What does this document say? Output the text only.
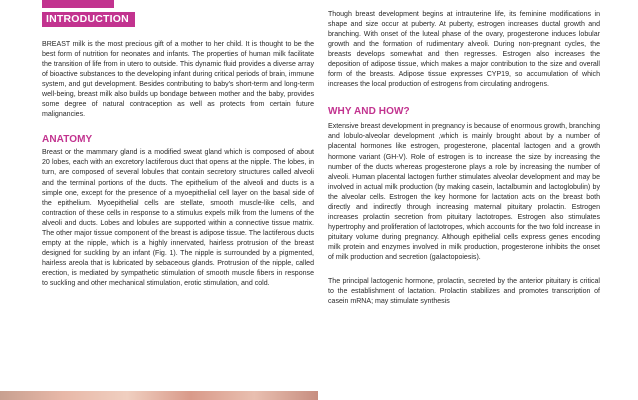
INTRODUCTION

BREAST milk is the most precious gift of a mother to her child. It is thought to be the best form of nutrition for neonates and infants. The properties of human milk facilitate the transition of life from in utero to outside. This dynamic fluid provides a diverse array of bioactive substances to the developing infant during critical periods of brain, immune system, and gut development. Besides contributing to baby's short-term and long-term well-being, breast milk also builds up bondage between mother and the baby, provides some degree of natural contraception as well as protects from certain future malignancies.

ANATOMY

Breast or the mammary gland is a modified sweat gland which is composed of about 20 lobes, each with an excretory lactiferous duct that opens at the nipple. The lobes, in turn, are composed of several lobules that contain secretory structures called alveoli and the terminal portions of the ducts. The epithelium of the alveoli and ducts is a simple one, except for the presence of a myoepithelial cell layer on the basal side of the epithelium. Myoepithelial cells are stellate, smooth muscle-like cells, and contraction of these cells in response to a stimulus expels milk from the lumens of the alveoli and ducts. Lobes and lobules are supported within a connective tissue matrix. The other major tissue component of the breast is adipose tissue. The lactiferous ducts empty at the nipple, which is a highly innervated, hairless protrusion of the breast designed for suckling by an infant (Fig. 1). The nipple is surrounded by a pigmented, hairless areola that is lubricated by sebaceous glands. Protrusion of the nipple, called erection, is mediated by sympathetic stimulation of smooth muscle fibers in response to suckling and other mechanical stimulation, erotic stimulation, and cold.

Though breast development begins at intrauterine life, its feminine modifications in shape and size occur at puberty. At puberty, estrogen increases ductal growth and branching. With onset of the luteal phase of the ovary, progesterone induces lobular growth and the formation of rudimentary alveoli. During non-pregnant cycles, the breasts develops somewhat and then regresses. Estrogen also increases the deposition of adipose tissue, which makes a major contribution to the size and overall form of the breasts. Adipose tissue expresses CYP19, so accumulation of which increases the local production of estrogens from circulating androgens.

WHY AND HOW?

Extensive breast development in pregnancy is because of enormous growth, branching and lobulo-alveolar development ,which is mainly brought about by a number of placental hormones like estrogen, progesterone, placental lactogen and a growth hormone variant (GH-V). Role of estrogen is to increase the size by increasing the number of the ducts whereas progesterone plays a role by increasing the number of alveoli. Human placental lactogen further stimulates alveolar development and may be involved in actual milk production (by making casein, lactalbumin and lactoglobulin) by the alveolar cells. Estrogen the key hormone for lactation acts on the breast both directly and indirectly through increasing maternal pituitary prolactin. Estrogen increases prolactin secretion from pituitary lactotropes. Estrogen also stimulates hypertrophy and proliferation of lactotropes, which accounts for the two fold increase in pituitary volume during pregnancy. Although epithelial cells express genes encoding milk protein and enzymes involved in milk production, progesterone inhibits the onset of milk production and secretion (galactopoiesis).

The principal lactogenic hormone, prolactin, secreted by the anterior pituitary is critical to the establishment of lactation. Prolactin stabilizes and promotes transcription of casein mRNA; may stimulate synthesis
